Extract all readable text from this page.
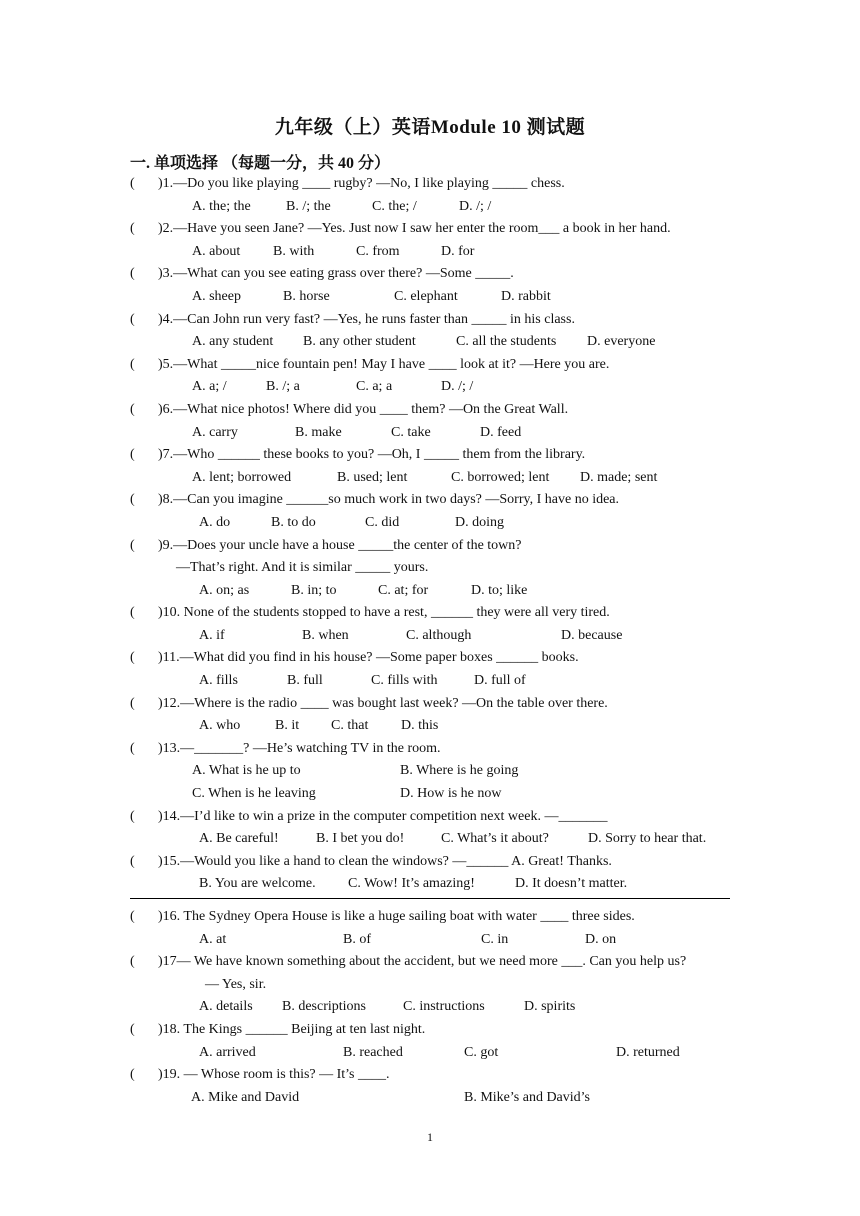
九年级（上）英语Module 10 测试题
一. 单项选择 （每题一分，共 40 分）
( )1.—Do you like playing ____ rugby? —No, I like playing _____ chess.
A. the; the	B. /; the	C. the; /	D. /; /
( )2.—Have you seen Jane? —Yes. Just now I saw her enter the room___ a book in her hand.
A. about B. with	C. from	D. for
( )3.—What can you see eating grass over there? —Some _____.
A. sheep	B. horse	C. elephant	D. rabbit
( )4.—Can John run very fast? —Yes, he runs faster than _____ in his class.
A. any student B. any other student	C. all the students D. everyone
( )5.—What _____nice fountain pen! May I have ____ look at it? —Here you are.
A. a; /	B. /; a	C. a; a	D. /; /
( )6.—What nice photos! Where did you ____ them? —On the Great Wall.
A. carry	B. make	C. take	D. feed
( )7.—Who ______ these books to you? —Oh, I _____ them from the library.
A. lent; borrowed	B. used; lent	C. borrowed; lent D. made; sent
( )8.—Can you imagine ______so much work in two days? —Sorry, I have no idea.
A. do	B. to do	C. did	D. doing
( )9.—Does your uncle have a house _____the center of the town?
—That’s right. And it is similar _____ yours.
A. on; as	B. in; to	C. at; for	D. to; like
( )10. None of the students stopped to have a rest, ______ they were all very tired.
A. if	B. when	C. although	D. because
( )11.—What did you find in his house? —Some paper boxes ______ books.
A. fills	B. full	C. fills with	D. full of
( )12.—Where is the radio ____ was bought last week? —On the table over there.
A. who B. it C. that D. this
( )13.—_______? —He’s watching TV in the room.
A. What is he up to	B. Where is he going
C. When is he leaving	D. How is he now
( )14.—I’d like to win a prize in the computer competition next week. —_______
A. Be careful!	B. I bet you do!	C. What’s it about?	D. Sorry to hear that.
( )15.—Would you like a hand to clean the windows? —______ A. Great! Thanks.
B. You are welcome. C. Wow! It’s amazing!	D. It doesn’t matter.
( )16. The Sydney Opera House is like a huge sailing boat with water ____ three sides.
A. at	B. of	C. in	D. on
( )17— We have known something about the accident, but we need more ___. Can you help us?
— Yes, sir.
A. details B. descriptions	C. instructions	D. spirits
( )18. The Kings ______ Beijing at ten last night.
A. arrived	B. reached	C. got	D. returned
( )19. — Whose room is this? — It’s ____.
A. Mike and David	B. Mike’s and David’s
1
